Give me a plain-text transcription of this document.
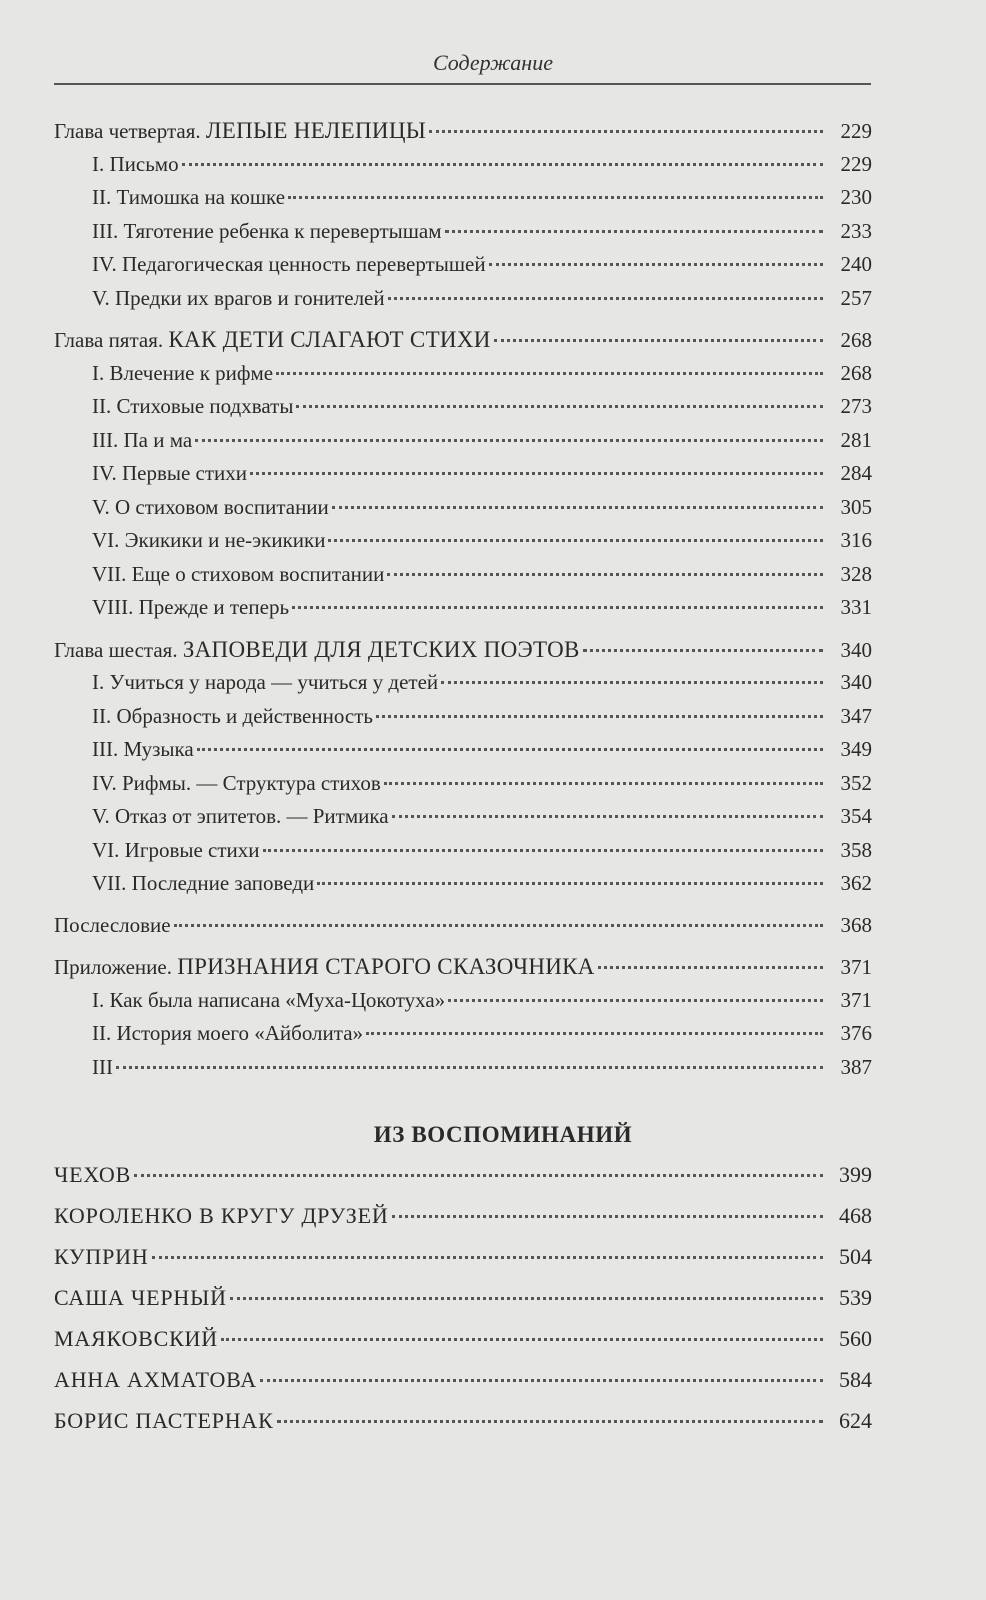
Содержание
Глава четвертая. ЛЕПЫЕ НЕЛЕПИЦЫ	229
I. Письмо	229
II. Тимошка на кошке	230
III. Тяготение ребенка к перевертышам	233
IV. Педагогическая ценность перевертышей	240
V. Предки их врагов и гонителей	257
Глава пятая. КАК ДЕТИ СЛАГАЮТ СТИХИ	268
I. Влечение к рифме	268
II. Стиховые подхваты	273
III. Па и ма	281
IV. Первые стихи	284
V. О стиховом воспитании	305
VI. Экикики и не-экикики	316
VII. Еще о стиховом воспитании	328
VIII. Прежде и теперь	331
Глава шестая. ЗАПОВЕДИ ДЛЯ ДЕТСКИХ ПОЭТОВ	340
I. Учиться у народа — учиться у детей	340
II. Образность и действенность	347
III. Музыка	349
IV. Рифмы. — Структура стихов	352
V. Отказ от эпитетов. — Ритмика	354
VI. Игровые стихи	358
VII. Последние заповеди	362
Послесловие	368
Приложение. ПРИЗНАНИЯ СТАРОГО СКАЗОЧНИКА	371
I. Как была написана «Муха-Цокотуха»	371
II. История моего «Айболита»	376
III	387
ИЗ ВОСПОМИНАНИЙ
ЧЕХОВ	399
КОРОЛЕНКО В КРУГУ ДРУЗЕЙ	468
КУПРИН	504
САША ЧЕРНЫЙ	539
МАЯКОВСКИЙ	560
АННА АХМАТОВА	584
БОРИС ПАСТЕРНАК	624
